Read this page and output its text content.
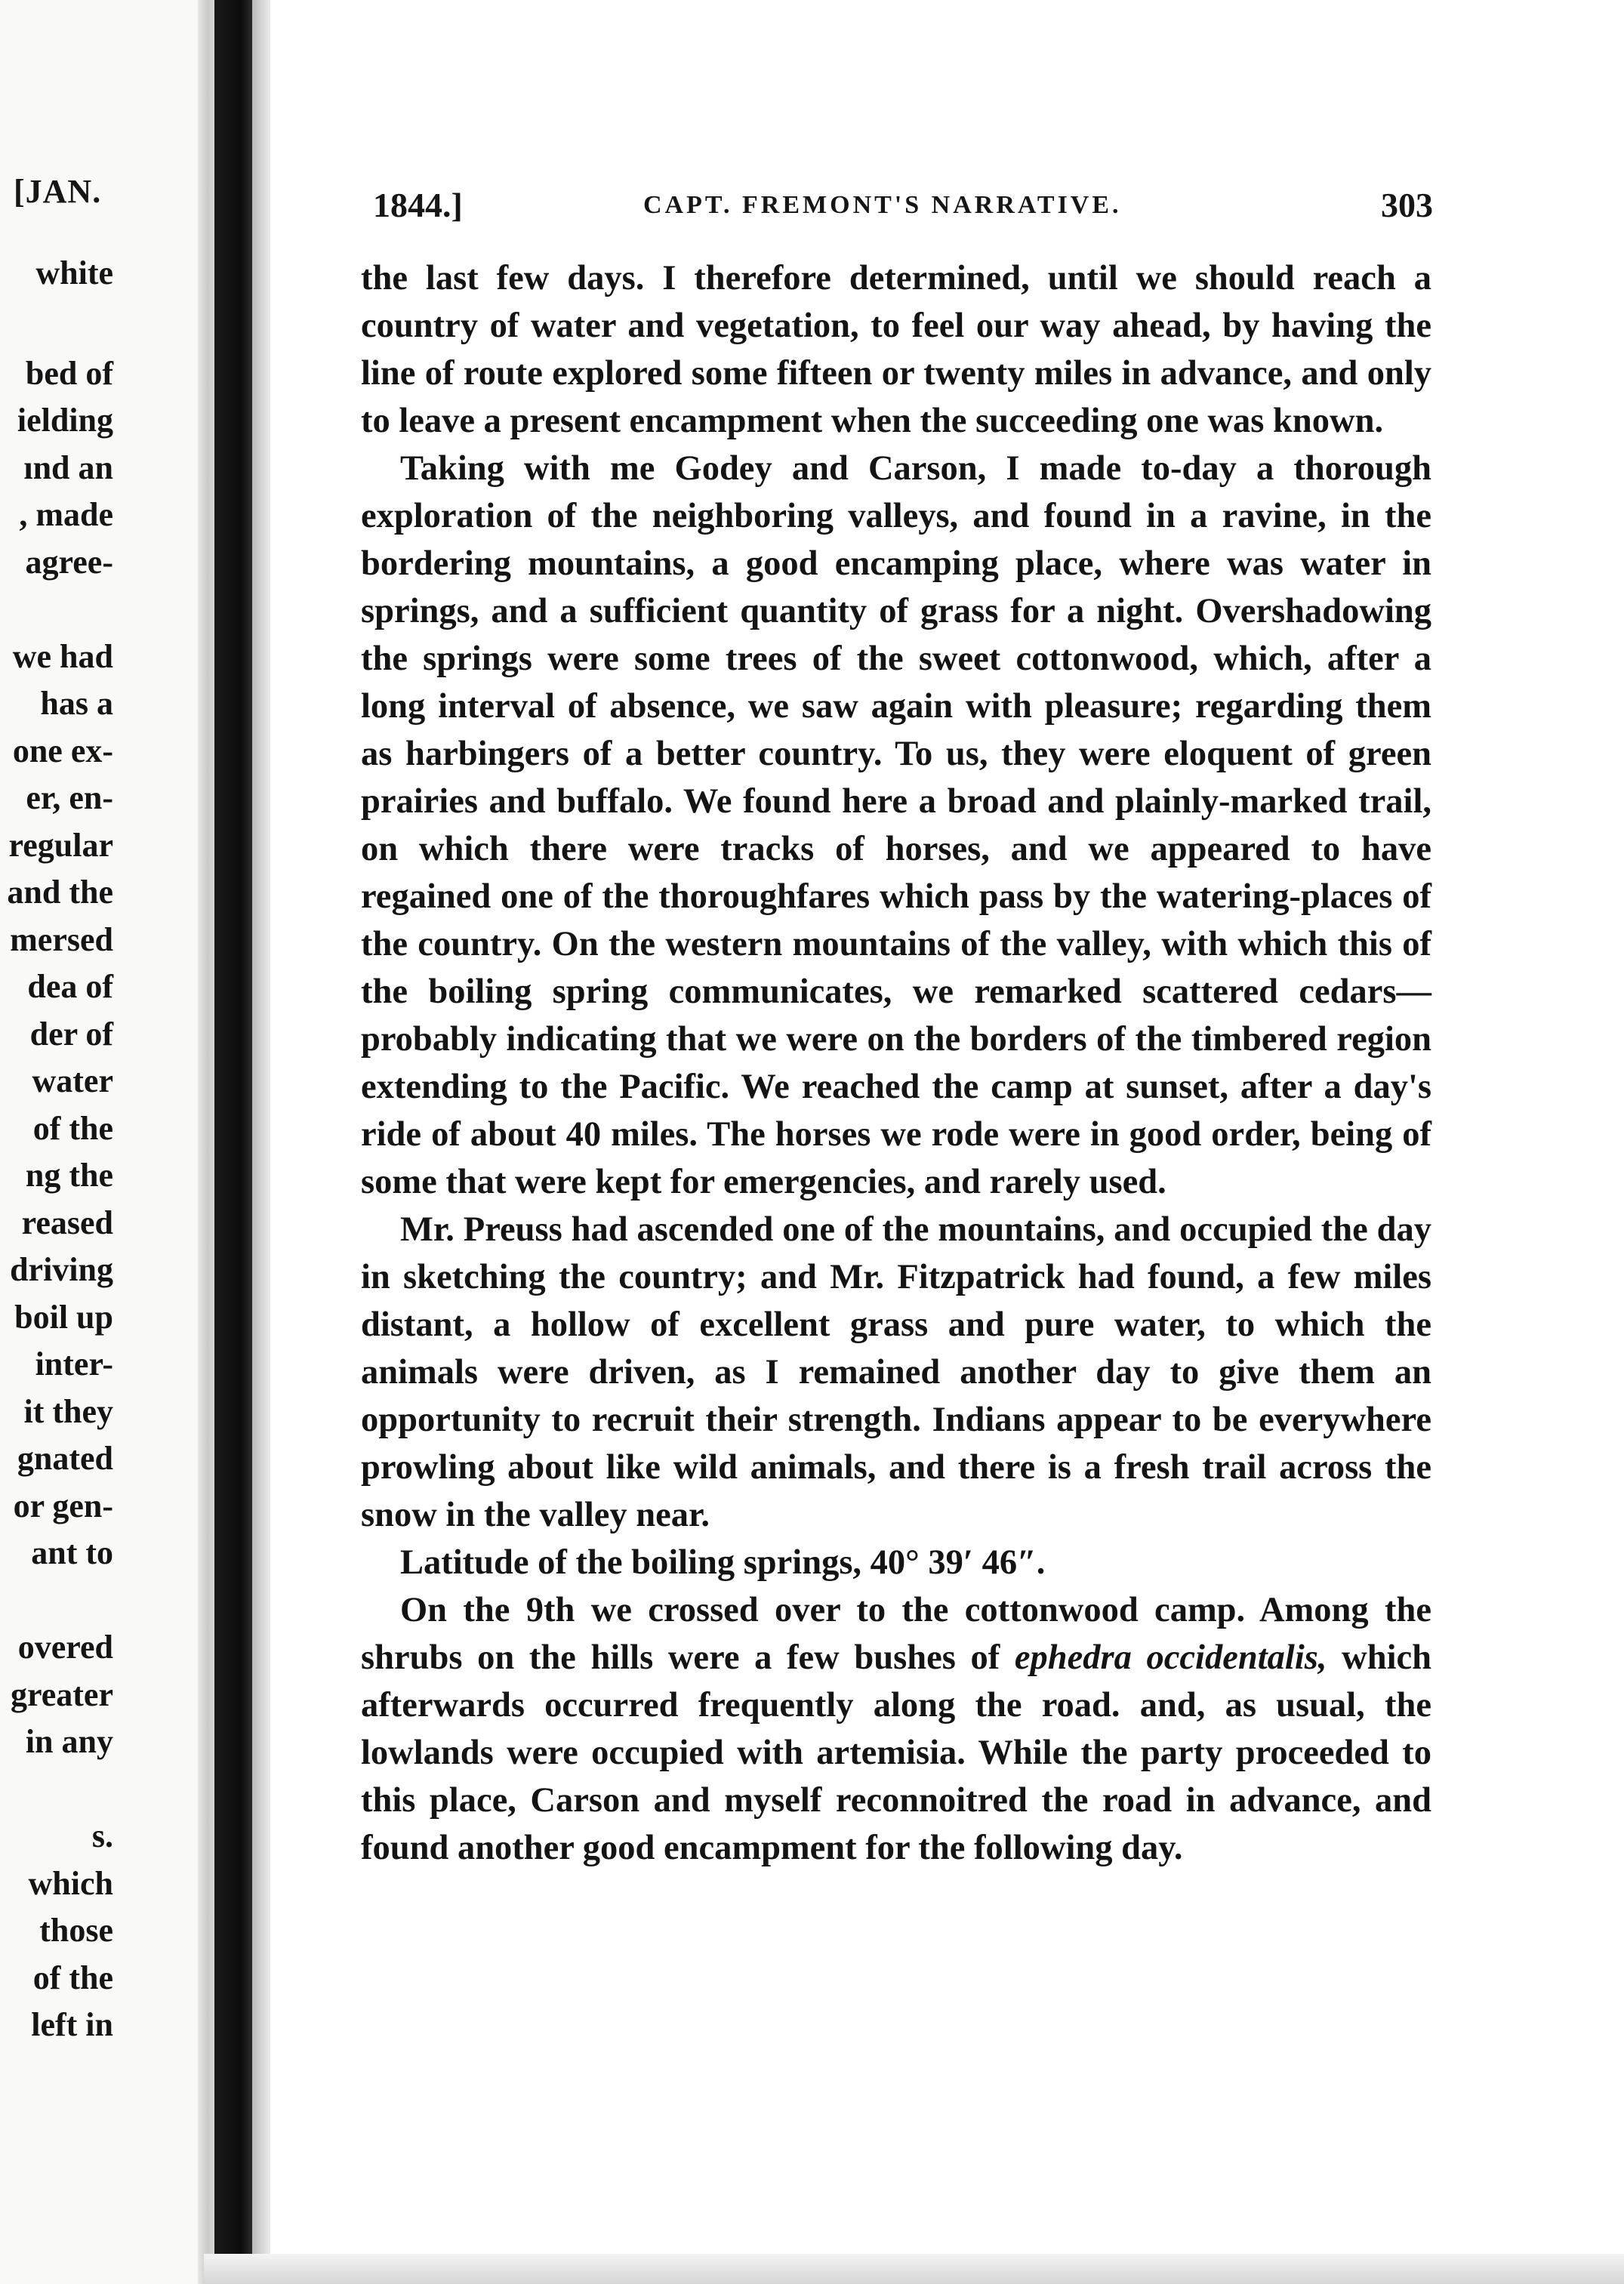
[JAN.
white
bed of
ielding
ınd an
, made
agree-
we had
has a
one ex-
er, en-
regular
and the
mersed
dea of
der of
water
of the
ng the
reased
driving
boil up
inter-
it they
gnated
or gen-
ant to
overed
greater
in any
s.
which
those
of the
left in
1844.]	CAPT. FREMONT'S NARRATIVE.	303

the last few days. I therefore determined, until we should reach a country of water and vegetation, to feel our way ahead, by having the line of route explored some fifteen or twenty miles in advance, and only to leave a present encampment when the succeeding one was known.

Taking with me Godey and Carson, I made to-day a thorough exploration of the neighboring valleys, and found in a ravine, in the bordering mountains, a good encamping place, where was water in springs, and a sufficient quantity of grass for a night. Overshadowing the springs were some trees of the sweet cottonwood, which, after a long interval of absence, we saw again with pleasure; regarding them as harbingers of a better country. To us, they were eloquent of green prairies and buffalo. We found here a broad and plainly-marked trail, on which there were tracks of horses, and we appeared to have regained one of the thoroughfares which pass by the watering-places of the country. On the western mountains of the valley, with which this of the boiling spring communicates, we remarked scattered cedars—probably indicating that we were on the borders of the timbered region extending to the Pacific. We reached the camp at sunset, after a day's ride of about 40 miles. The horses we rode were in good order, being of some that were kept for emergencies, and rarely used.

Mr. Preuss had ascended one of the mountains, and occupied the day in sketching the country; and Mr. Fitzpatrick had found, a few miles distant, a hollow of excellent grass and pure water, to which the animals were driven, as I remained another day to give them an opportunity to recruit their strength. Indians appear to be everywhere prowling about like wild animals, and there is a fresh trail across the snow in the valley near.

Latitude of the boiling springs, 40° 39′ 46″.

On the 9th we crossed over to the cottonwood camp. Among the shrubs on the hills were a few bushes of ephedra occidentalis, which afterwards occurred frequently along the road. and, as usual, the lowlands were occupied with artemisia. While the party proceeded to this place, Carson and myself reconnoitred the road in advance, and found another good encampment for the following day.
